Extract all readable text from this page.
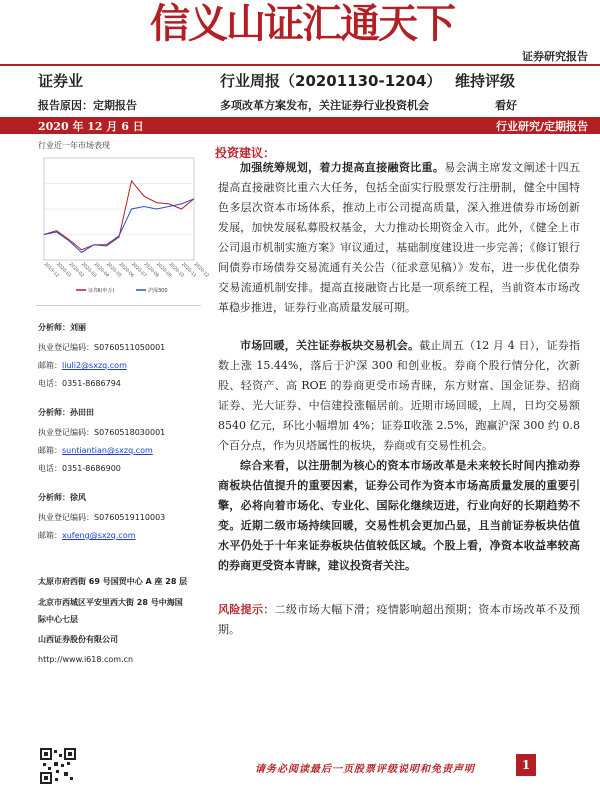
信义山证汇通天下
证券研究报告
证券业	行业周报（20201130-1204） 维持评级
报告原因：定期报告	多项改革方案发布，关注证券行业投资机会	看好
2020 年 12 月 6 日	行业研究/定期报告
行业近一年市场表现
2019-12
2020-01
2020-02
2020-03
2020-04
2020-05
2020-06
2020-07
2020-08
2020-09
2020-10
2020-11
2020-12
证券Ⅱ(申万)	沪深300
分析师：刘丽
执业登记编码：S0760511050001
邮箱：liuli2@sxzq.com
电话：0351-8686794
分析师：孙田田
执业登记编码：S0760518030001
邮箱：suntiantian@sxzq.com
电话：0351-8686900
分析师：徐风
执业登记编码：S0760519110003
邮箱：xufeng@sxzq.com
太原市府西街 69 号国贸中心 A 座 28 层
北京市西城区平安里西大街 28 号中海国
际中心七层
山西证券股份有限公司
http://www.i618.com.cn
投资建议：
加强统筹规划，着力提高直接融资比重。易会满主席发文阐述十四五提高直接融资比重六大任务，包括全面实行股票发行注册制，健全中国特色多层次资本市场体系，推动上市公司提高质量，深入推进债券市场创新发展，加快发展私募股权基金，大力推动长期资金入市。此外，《健全上市公司退市机制实施方案》审议通过，基础制度建设进一步完善；《修订银行间债券市场债券交易流通有关公告（征求意见稿）》发布，进一步优化债券交易流通机制安排。提高直接融资占比是一项系统工程，当前资本市场改革稳步推进，证券行业高质量发展可期。
市场回暖，关注证券板块交易机会。截止周五（12 月 4 日），证券指数上涨 15.44%，落后于沪深 300 和创业板。券商个股行情分化，次新股、轻资产、高 ROE 的券商更受市场青睐，东方财富、国金证券、招商证券、光大证券、中信建投涨幅居前。近期市场回暖，上周，日均交易额 8540 亿元，环比小幅增加 4%；证券Ⅱ收涨 2.5%，跑赢沪深 300 约 0.8 个百分点，作为贝塔属性的板块，券商或有交易性机会。
综合来看，以注册制为核心的资本市场改革是未来较长时间内推动券商板块估值提升的重要因素，证券公司作为资本市场高质量发展的重要引擎，必将向着市场化、专业化、国际化继续迈进，行业向好的长期趋势不变。近期二级市场持续回暖，交易性机会更加凸显，且当前证券板块估值水平仍处于十年来证券板块估值较低区域。个股上看，净资本收益率较高的券商更受资本青睐，建议投资者关注。
风险提示：二级市场大幅下滑；疫情影响超出预期；资本市场改革不及预期。
请务必阅读最后一页股票评级说明和免责声明	1
